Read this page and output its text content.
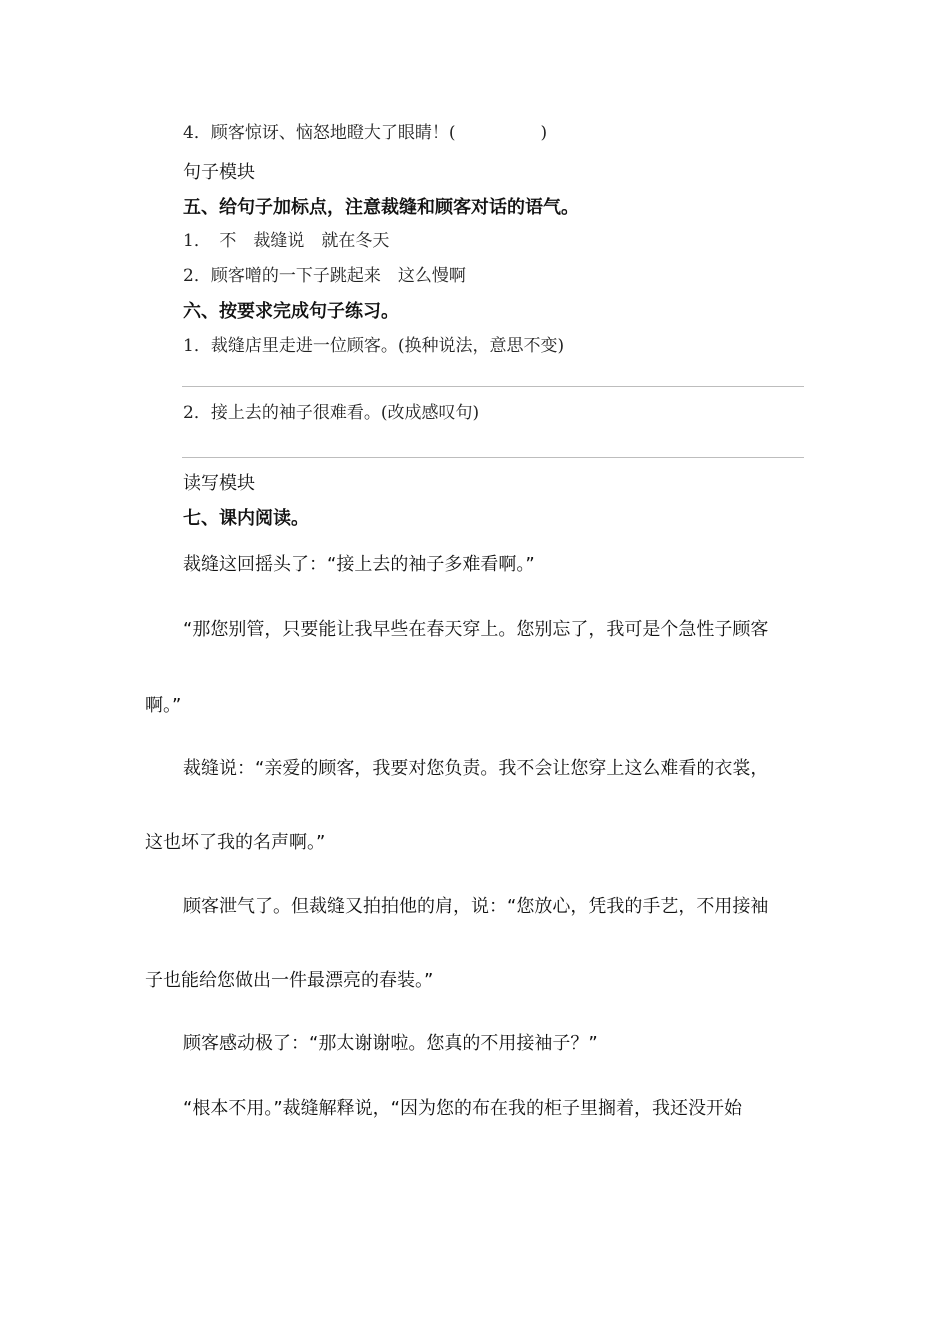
4．顾客惊讶、恼怒地瞪大了眼睛！(　　　　　)
句子模块
五、给句子加标点，注意裁缝和顾客对话的语气。
1．　不　裁缝说　就在冬天
2．顾客噌的一下子跳起来　这么慢啊
六、按要求完成句子练习。
1．裁缝店里走进一位顾客。(换种说法，意思不变)
2．接上去的袖子很难看。(改成感叹句)
读写模块
七、课内阅读。
裁缝这回摇头了：“接上去的袖子多难看啊。”
“那您别管，只要能让我早些在春天穿上。您别忘了，我可是个急性子顾客
啊。”
裁缝说：“亲爱的顾客，我要对您负责。我不会让您穿上这么难看的衣裳，
这也坏了我的名声啊。”
顾客泄气了。但裁缝又拍拍他的肩，说：“您放心，凭我的手艺，不用接袖
子也能给您做出一件最漂亮的春装。”
顾客感动极了：“那太谢谢啦。您真的不用接袖子？”
“根本不用。”裁缝解释说，“因为您的布在我的柜子里搁着，我还没开始
